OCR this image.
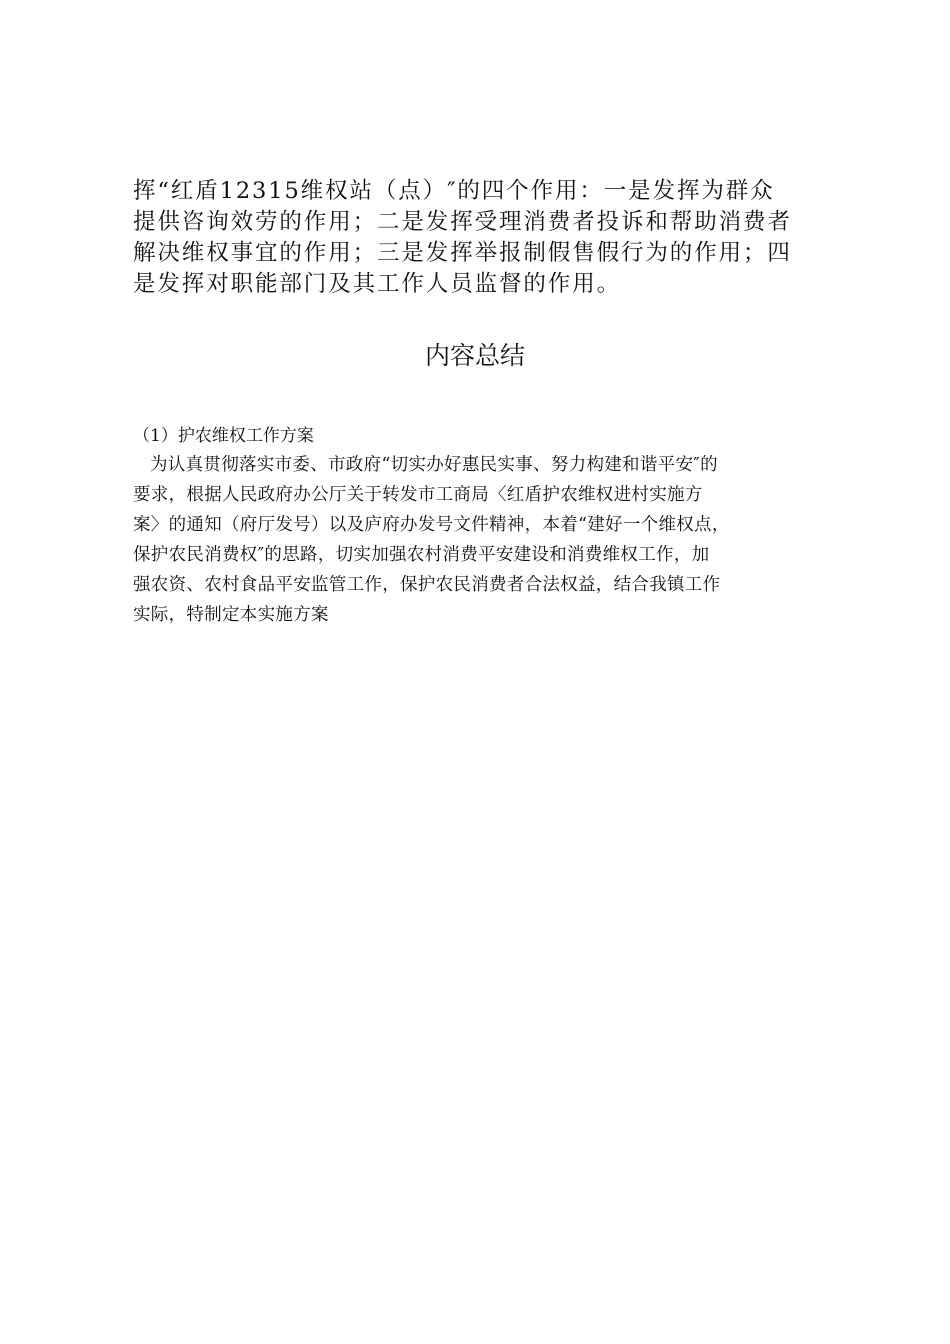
挥“红盾12315维权站（点）″的四个作用：一是发挥为群众

提供咨询效劳的作用；二是发挥受理消费者投诉和帮助消费者

解决维权事宜的作用；三是发挥举报制假售假行为的作用；四

是发挥对职能部门及其工作人员监督的作用。

内容总结

（1）护农维权工作方案

为认真贯彻落实市委、市政府“切实办好惠民实事、努力构建和谐平安″的

要求，根据人民政府办公厅关于转发市工商局〈红盾护农维权进村实施方

案〉的通知（府厅发号）以及庐府办发号文件精神，本着“建好一个维权点，

保护农民消费权″的思路，切实加强农村消费平安建设和消费维权工作，加

强农资、农村食品平安监管工作，保护农民消费者合法权益，结合我镇工作

实际，特制定本实施方案
